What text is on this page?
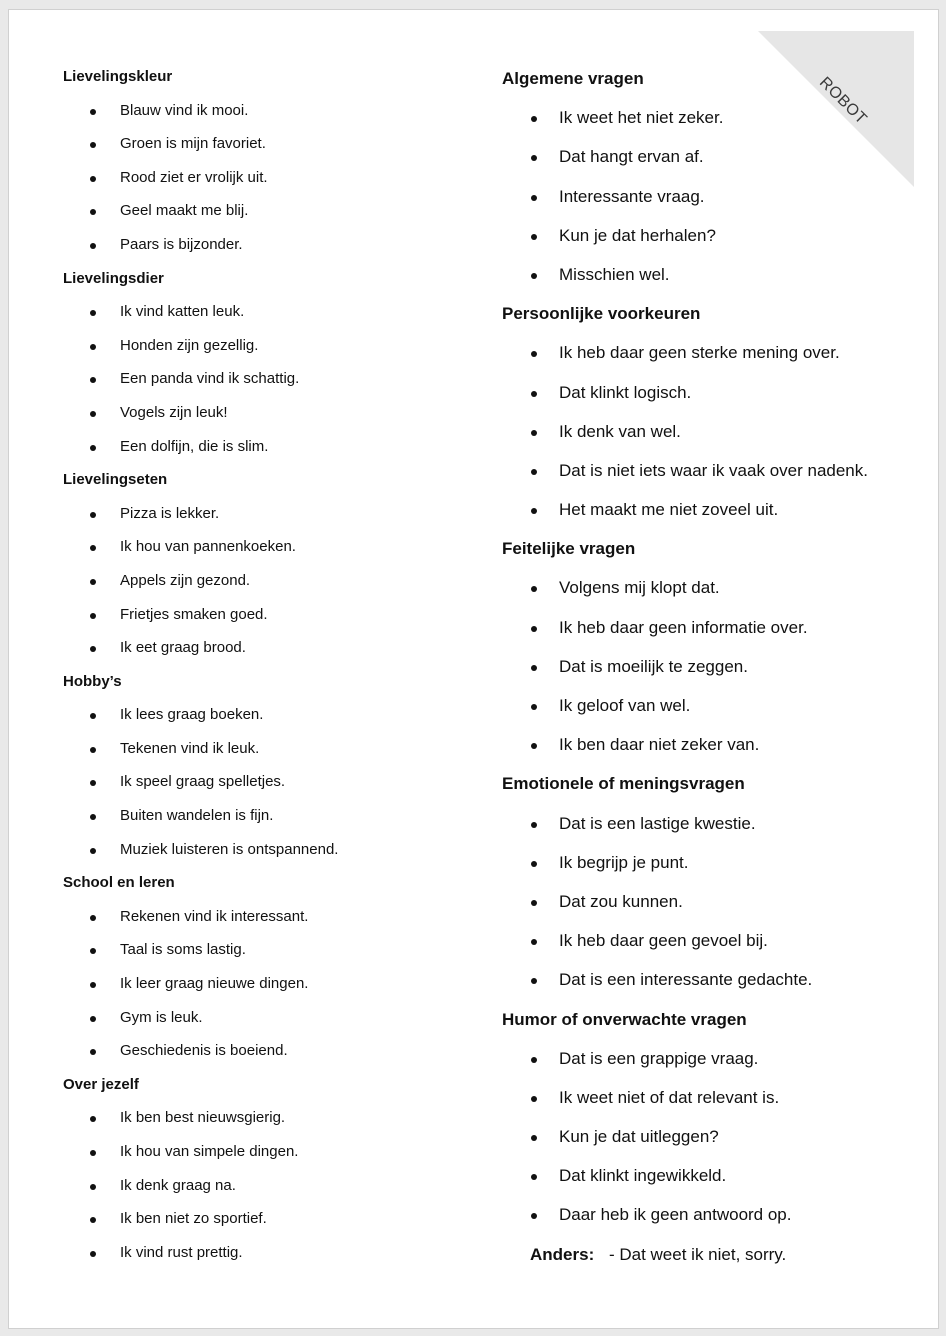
ROBOT
Lievelingskleur
Blauw vind ik mooi.
Groen is mijn favoriet.
Rood ziet er vrolijk uit.
Geel maakt me blij.
Paars is bijzonder.
Lievelingsdier
Ik vind katten leuk.
Honden zijn gezellig.
Een panda vind ik schattig.
Vogels zijn leuk!
Een dolfijn, die is slim.
Lievelingseten
Pizza is lekker.
Ik hou van pannenkoeken.
Appels zijn gezond.
Frietjes smaken goed.
Ik eet graag brood.
Hobby’s
Ik lees graag boeken.
Tekenen vind ik leuk.
Ik speel graag spelletjes.
Buiten wandelen is fijn.
Muziek luisteren is ontspannend.
School en leren
Rekenen vind ik interessant.
Taal is soms lastig.
Ik leer graag nieuwe dingen.
Gym is leuk.
Geschiedenis is boeiend.
Over jezelf
Ik ben best nieuwsgierig.
Ik hou van simpele dingen.
Ik denk graag na.
Ik ben niet zo sportief.
Ik vind rust prettig.
Algemene vragen
Ik weet het niet zeker.
Dat hangt ervan af.
Interessante vraag.
Kun je dat herhalen?
Misschien wel.
Persoonlijke voorkeuren
Ik heb daar geen sterke mening over.
Dat klinkt logisch.
Ik denk van wel.
Dat is niet iets waar ik vaak over nadenk.
Het maakt me niet zoveel uit.
Feitelijke vragen
Volgens mij klopt dat.
Ik heb daar geen informatie over.
Dat is moeilijk te zeggen.
Ik geloof van wel.
Ik ben daar niet zeker van.
Emotionele of meningsvragen
Dat is een lastige kwestie.
Ik begrijp je punt.
Dat zou kunnen.
Ik heb daar geen gevoel bij.
Dat is een interessante gedachte.
Humor of onverwachte vragen
Dat is een grappige vraag.
Ik weet niet of dat relevant is.
Kun je dat uitleggen?
Dat klinkt ingewikkeld.
Daar heb ik geen antwoord op.
Anders: - Dat weet ik niet, sorry.
